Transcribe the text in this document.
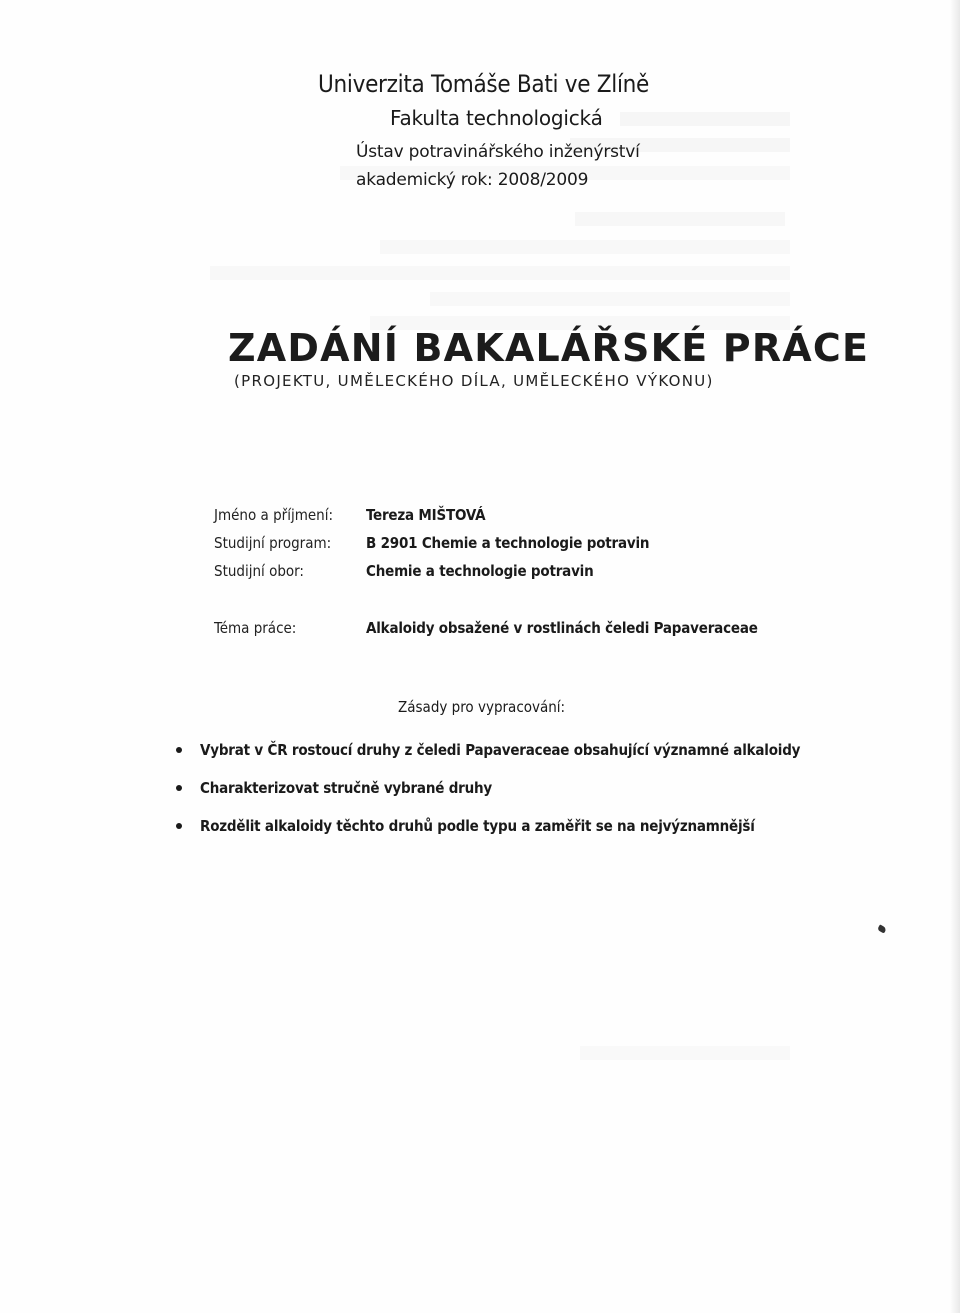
Univerzita Tomáše Bati ve Zlíně
Fakulta technologická
Ústav potravinářského inženýrství
akademický rok: 2008/2009
ZADÁNÍ BAKALÁŘSKÉ PRÁCE
(PROJEKTU, UMĚLECKÉHO DÍLA, UMĚLECKÉHO VÝKONU)
Jméno a příjmení: Tereza MIŠTOVÁ
Studijní program: B 2901 Chemie a technologie potravin
Studijní obor:	Chemie a technologie potravin
Téma práce:	Alkaloidy obsažené v rostlinách čeledi Papaveraceae
Zásady pro vypracování:
Vybrat v ČR rostoucí druhy z čeledi Papaveraceae obsahující významné alkaloidy
Charakterizovat stručně vybrané druhy
Rozdělit alkaloidy těchto druhů podle typu a zaměřit se na nejvýznamnější
